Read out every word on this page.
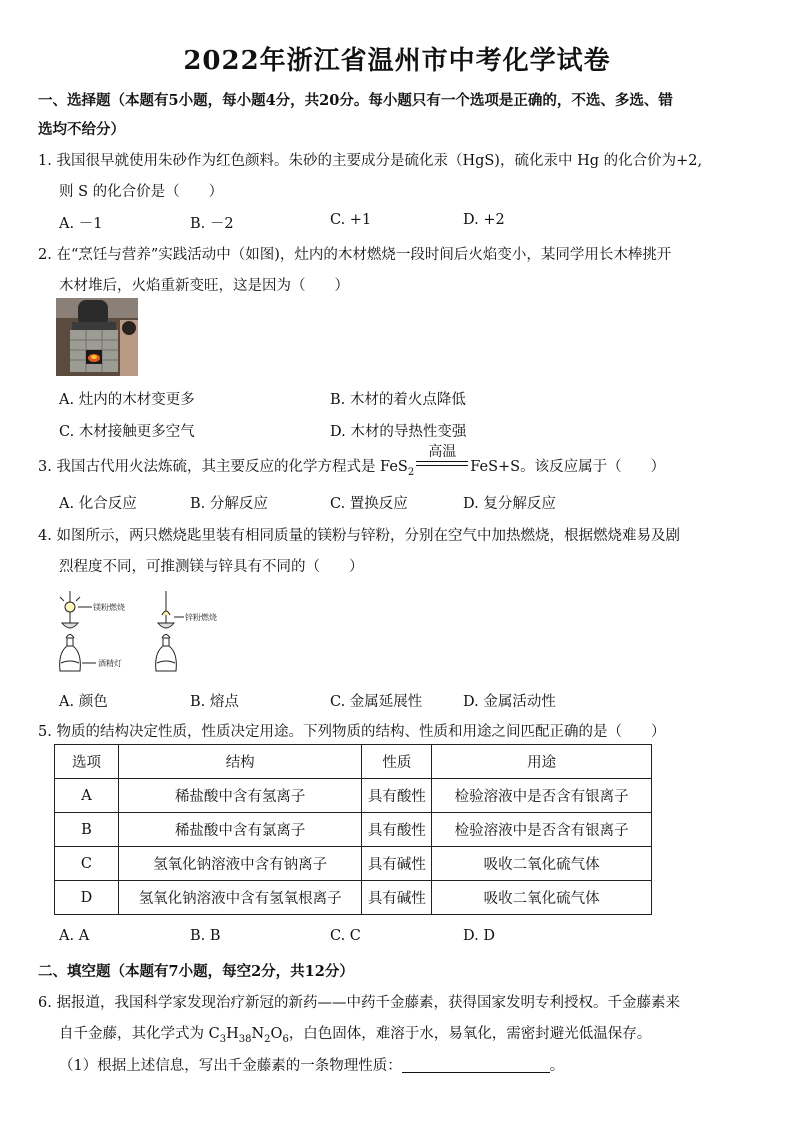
2022年浙江省温州市中考化学试卷
一、选择题（本题有5小题，每小题4分，共20分。每小题只有一个选项是正确的，不选、多选、错
选均不给分）
1. 我国很早就使用朱砂作为红色颜料。朱砂的主要成分是硫化汞（HgS)，硫化汞中 Hg 的化合价为+2,
则 S 的化合价是（　　）
A. －1	B. －2	C. +1	D. +2
2. 在“烹饪与营养”实践活动中（如图)，灶内的木材燃烧一段时间后火焰变小，某同学用长木棒挑开
木材堆后，火焰重新变旺，这是因为（　　）
A. 灶内的木材变更多	B. 木材的着火点降低
C. 木材接触更多空气	D. 木材的导热性变强
3. 我国古代用火法炼硫，其主要反应的化学方程式是 FeS$_2$
高温
FeS+S。该反应属于（　　）
A. 化合反应	B. 分解反应	C. 置换反应	D. 复分解反应
4. 如图所示，两只燃烧匙里装有相同质量的镁粉与锌粉，分别在空气中加热燃烧，根据燃烧难易及剧
烈程度不同，可推测镁与锌具有不同的（　　）
镁粉燃烧
酒精灯
锌粉燃烧
A. 颜色	B. 熔点	C. 金属延展性	D. 金属活动性
5. 物质的结构决定性质，性质决定用途。下列物质的结构、性质和用途之间匹配正确的是（　　）
选项	结构	性质	用途
A	稀盐酸中含有氢离子	具有酸性	检验溶液中是否含有银离子
B	稀盐酸中含有氯离子	具有酸性	检验溶液中是否含有银离子
C	氢氧化钠溶液中含有钠离子	具有碱性	吸收二氧化硫气体
D	氢氧化钠溶液中含有氢氧根离子	具有碱性	吸收二氧化硫气体
A. A	B. B	C. C	D. D
二、填空题（本题有7小题，每空2分，共12分）
6. 据报道，我国科学家发现治疗新冠的新药——中药千金藤素，获得国家发明专利授权。千金藤素来
自千金藤，其化学式为 $C_3H_{38}N_2O_6$，白色固体，难溶于水，易氧化，需密封避光低温保存。
（1）根据上述信息，写出千金藤素的一条物理性质：	。
